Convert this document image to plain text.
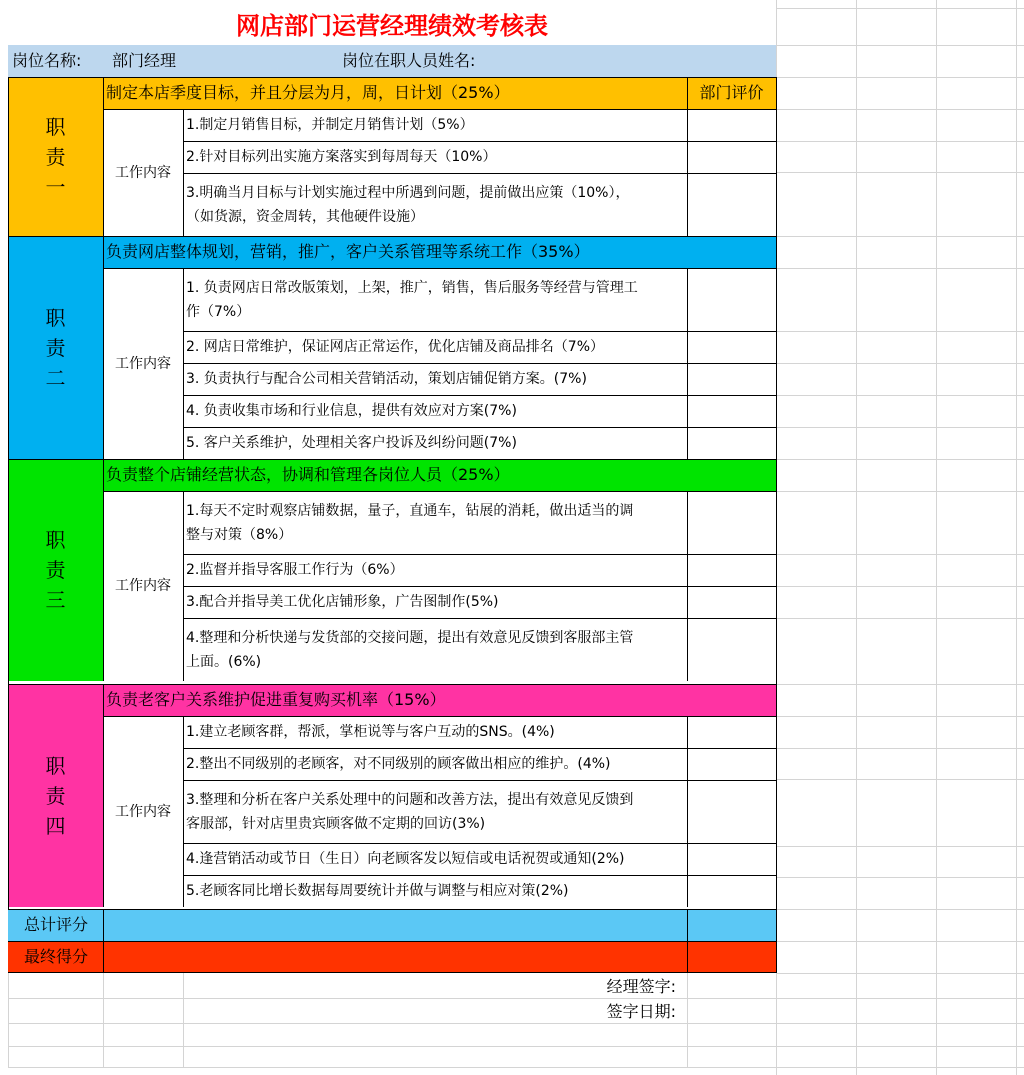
网店部门运营经理绩效考核表
岗位名称: 部门经理	岗位在职人员姓名:
制定本店季度目标，并且分层为月，周，日计划（25%）	部门评价
职
责
一
工作内容
1.制定月销售目标，并制定月销售计划（5%）
2.针对目标列出实施方案落实到每周每天（10%）
3.明确当月目标与计划实施过程中所遇到问题，提前做出应策（10%），
（如货源，资金周转，其他硬件设施）
负责网店整体规划，营销，推广，客户关系管理等系统工作（35%）
职
责
二
工作内容
1. 负责网店日常改版策划，上架，推广，销售，售后服务等经营与管理工
作（7%）
2. 网店日常维护，保证网店正常运作，优化店铺及商品排名（7%）
3. 负责执行与配合公司相关营销活动，策划店铺促销方案。(7%)
4. 负责收集市场和行业信息，提供有效应对方案(7%)
5. 客户关系维护，处理相关客户投诉及纠纷问题(7%)
负责整个店铺经营状态，协调和管理各岗位人员（25%）
职
责
三
工作内容
1.每天不定时观察店铺数据，量子，直通车，钻展的消耗，做出适当的调
整与对策（8%）
2.监督并指导客服工作行为（6%）
3.配合并指导美工优化店铺形象，广告图制作(5%)
4.整理和分析快递与发货部的交接问题，提出有效意见反馈到客服部主管
上面。(6%)
负责老客户关系维护促进重复购买机率（15%）
职
责
四
工作内容
1.建立老顾客群，帮派，掌柜说等与客户互动的SNS。(4%)
2.整出不同级别的老顾客，对不同级别的顾客做出相应的维护。(4%)
3.整理和分析在客户关系处理中的问题和改善方法，提出有效意见反馈到
客服部，针对店里贵宾顾客做不定期的回访(3%)
4.逢营销活动或节日（生日）向老顾客发以短信或电话祝贺或通知(2%)
5.老顾客同比增长数据每周要统计并做与调整与相应对策(2%)
总计评分
最终得分
经理签字:
签字日期:
